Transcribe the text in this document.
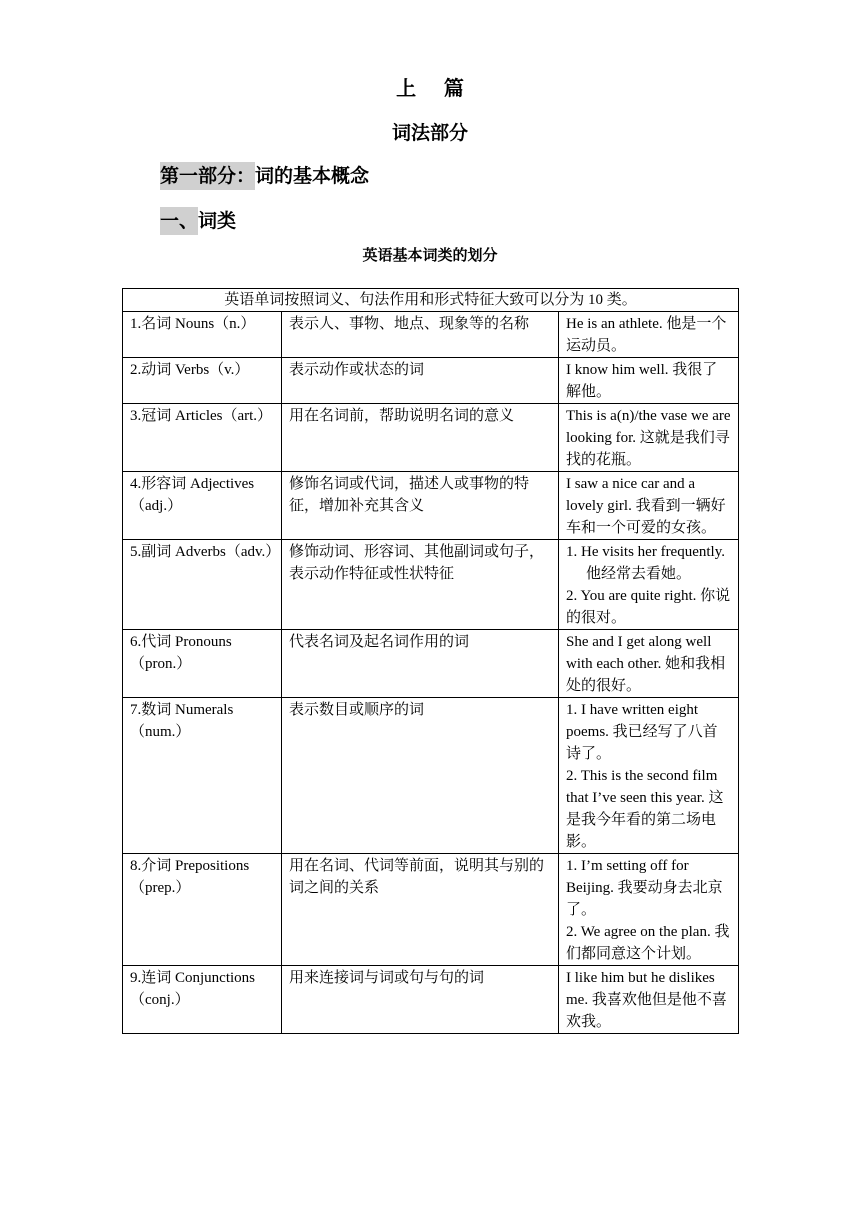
上    篇
词法部分
第一部分：词的基本概念
一、词类
英语基本词类的划分
英语单词按照词义、句法作用和形式特征大致可以分为 10 类。		
1.名词 Nouns（n.）	表示人、事物、地点、现象等的名称	He is an athlete. 他是一个运动员。

2.动词 Verbs（v.）	表示动作或状态的词	I know him well. 我很了解他。

3.冠词 Articles（art.）	用在名词前，帮助说明名词的意义	This is a(n)/the vase we are looking for. 这就是我们寻找的花瓶。

4.形容词 Adjectives（adj.）	修饰名词或代词，描述人或事物的特征，增加补充其含义	I saw a nice car and a lovely girl. 我看到一辆好车和一个可爱的女孩。

5.副词 Adverbs（adv.）	修饰动词、形容词、其他副词或句子，表示动作特征或性状特征	1. He visits her frequently. 他经常去看她。

2. You are quite right. 你说的很对。

6.代词 Pronouns（pron.）	代表名词及起名词作用的词	She and I get along well with each other. 她和我相处的很好。

7.数词 Numerals（num.）	表示数目或顺序的词	1. I have written eight poems. 我已经写了八首诗了。

2. This is the second film that I’ve seen this year. 这是我今年看的第二场电影。

8.介词 Prepositions（prep.）	用在名词、代词等前面，说明其与别的词之间的关系	1. I’m setting off for Beijing. 我要动身去北京了。

2. We agree on the plan. 我们都同意这个计划。

9.连词 Conjunctions（conj.）	用来连接词与词或句与句的词	I like him but he dislikes me. 我喜欢他但是他不喜欢我。
